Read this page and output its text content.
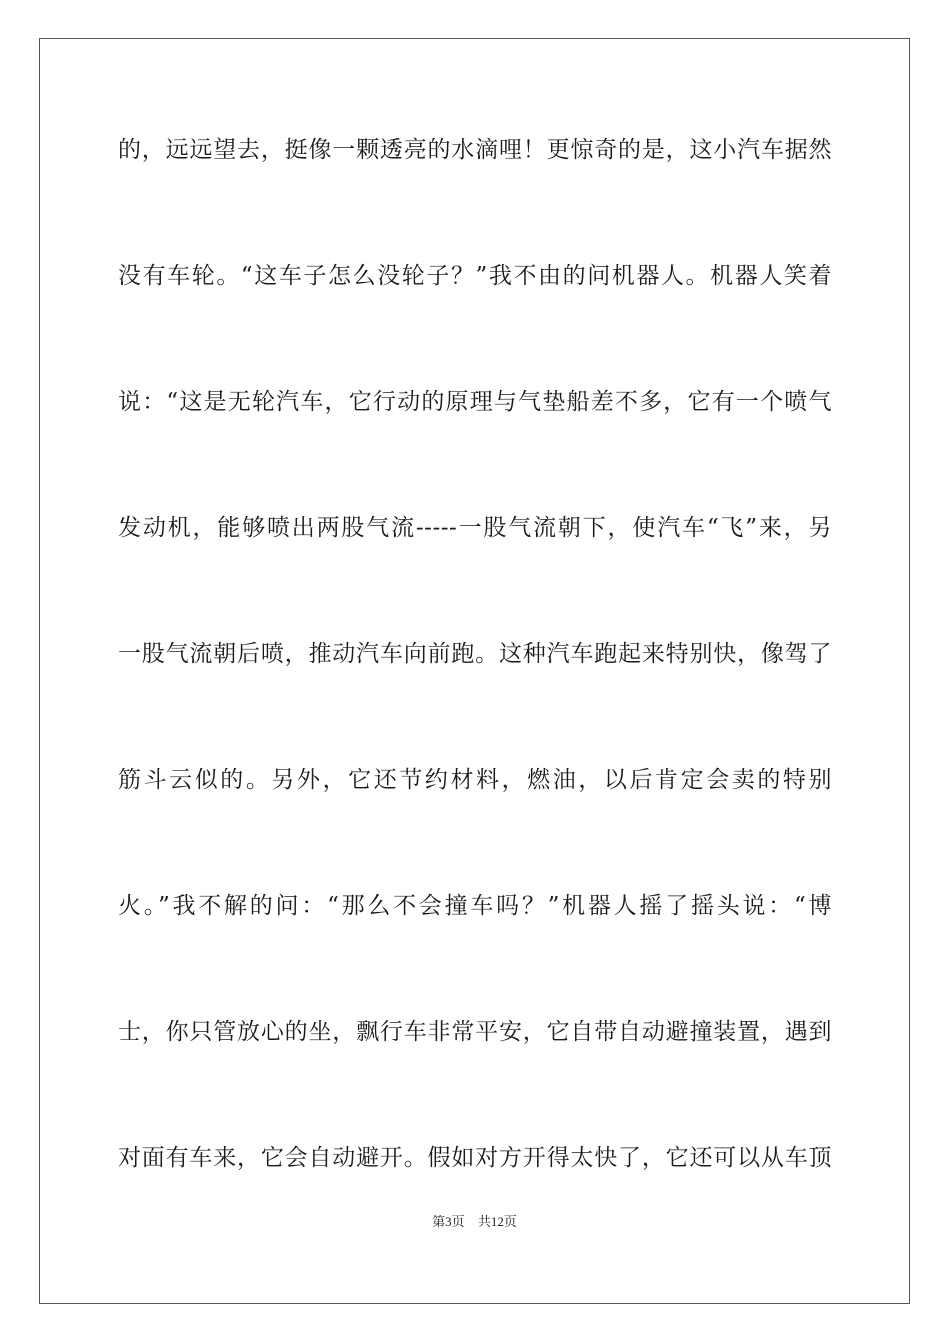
的，远远望去，挺像一颗透亮的水滴哩！更惊奇的是，这小汽车据然

没有车轮。“这车子怎么没轮子？”我不由的问机器人。机器人笑着

说：“这是无轮汽车，它行动的原理与气垫船差不多，它有一个喷气

发动机，能够喷出两股气流-----一股气流朝下，使汽车“飞”来，另

一股气流朝后喷，推动汽车向前跑。这种汽车跑起来特别快，像驾了

筋斗云似的。另外，它还节约材料，燃油，以后肯定会卖的特别

火。”我不解的问：“那么不会撞车吗？”机器人摇了摇头说：“博

士，你只管放心的坐，飘行车非常平安，它自带自动避撞装置，遇到

对面有车来，它会自动避开。假如对方开得太快了，它还可以从车顶

第3页 共12页
